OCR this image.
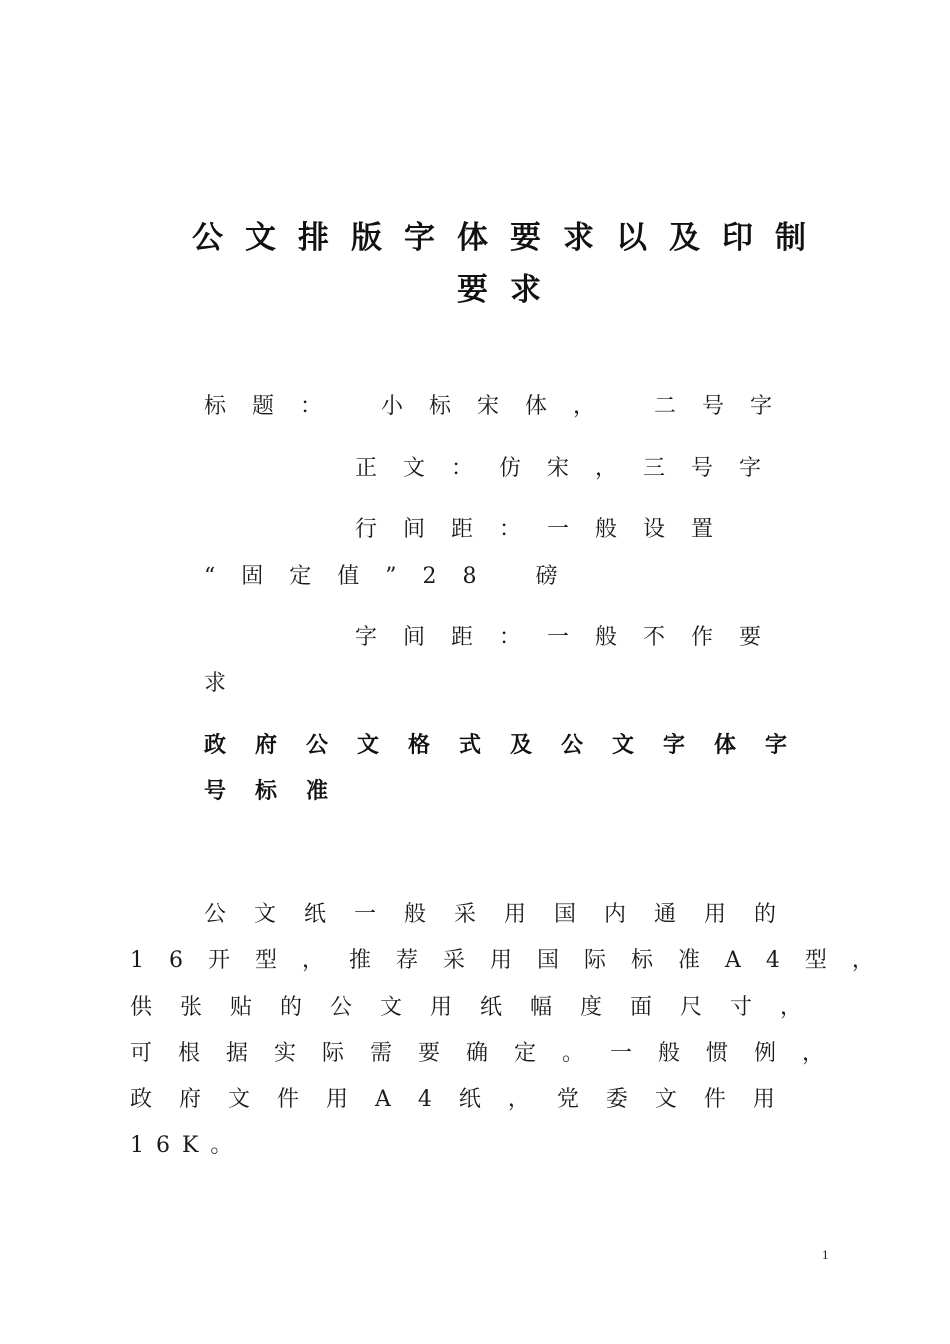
公文排版字体要求以及印制
要求
标题： 小标宋体， 二号字
正文：仿宋，三号字
行间距：一般设置
“固定值”28 磅
字间距：一般不作要
求
政府公文格式及公文字体字
号标准
公文纸一般采用国内通用的
16开型，推荐采用国际标准A4型，
供张贴的公文用纸幅度面尺寸，
可根据实际需要确定。一般惯例，
政府文件用A4纸，党委文件用
16K。
1
